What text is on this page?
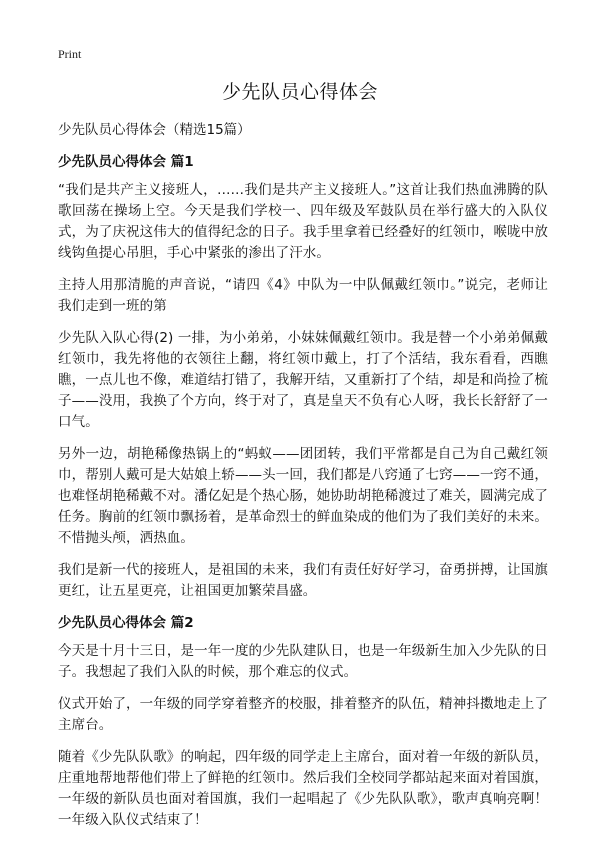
Print
少先队员心得体会
少先队员心得体会（精选15篇）
少先队员心得体会 篇1

“我们是共产主义接班人，……我们是共产主义接班人。”这首让我们热血沸腾的队歌回荡在操场上空。今天是我们学校一、四年级及军鼓队员在举行盛大的入队仪式，为了庆祝这伟大的值得纪念的日子。我手里拿着已经叠好的红领巾，喉咙中放线钩鱼提心吊胆，手心中紧张的渗出了汗水。

主持人用那清脆的声音说，“请四《4》中队为一中队佩戴红领巾。”说完，老师让我们走到一班的第

少先队入队心得(2) 一排，为小弟弟，小妹妹佩戴红领巾。我是替一个小弟弟佩戴红领巾，我先将他的衣领往上翻，将红领巾戴上，打了个活结，我东看看，西瞧瞧，一点儿也不像，难道结打错了，我解开结，又重新打了个结，却是和尚捡了梳子——没用，我换了个方向，终于对了，真是皇天不负有心人呀，我长长舒舒了一口气。

另外一边，胡艳稀像热锅上的“蚂蚁——团团转，我们平常都是自己为自己戴红领巾，帮别人戴可是大姑娘上轿——头一回，我们都是八窍通了七窍——一窍不通，也难怪胡艳稀戴不对。潘亿妃是个热心肠，她协助胡艳稀渡过了难关，圆满完成了任务。胸前的红领巾飘扬着，是革命烈士的鲜血染成的他们为了我们美好的未来。不惜抛头颅，洒热血。

我们是新一代的接班人，是祖国的未来，我们有责任好好学习，奋勇拼搏，让国旗更红，让五星更亮，让祖国更加繁荣昌盛。

少先队员心得体会 篇2

今天是十月十三日，是一年一度的少先队建队日，也是一年级新生加入少先队的日子。我想起了我们入队的时候，那个难忘的仪式。

仪式开始了，一年级的同学穿着整齐的校服，排着整齐的队伍，精神抖擞地走上了主席台。

随着《少先队队歌》的响起，四年级的同学走上主席台，面对着一年级的新队员，庄重地帮地帮他们带上了鲜艳的红领巾。然后我们全校同学都站起来面对着国旗，一年级的新队员也面对着国旗，我们一起唱起了《少先队队歌》，歌声真响亮啊！一年级入队仪式结束了！
